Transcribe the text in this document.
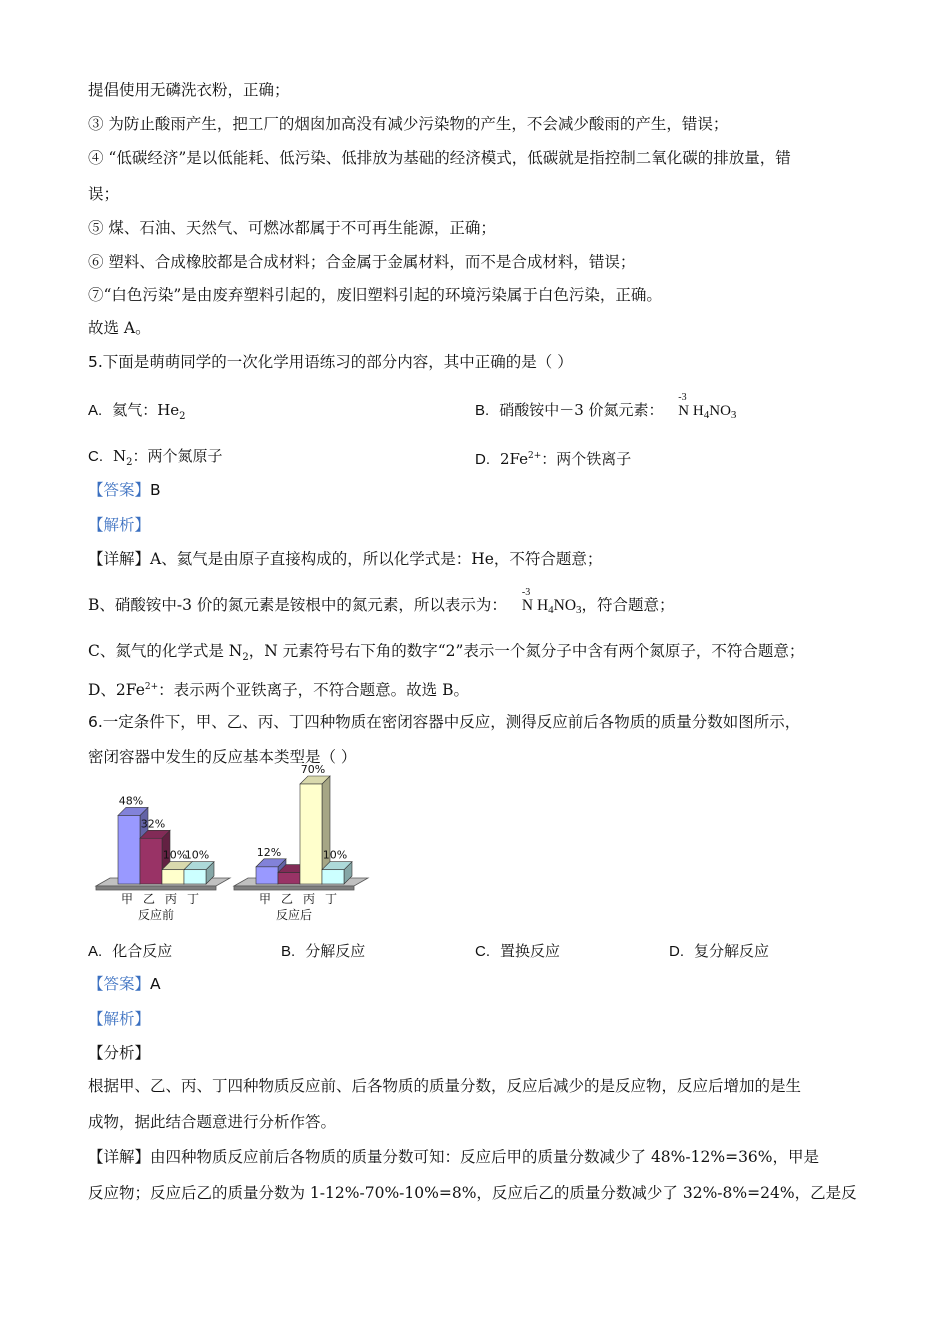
提倡使用无磷洗衣粉，正确；
③ 为防止酸雨产生，把工厂的烟囱加高没有减少污染物的产生，不会减少酸雨的产生，错误；
④ “低碳经济”是以低能耗、低污染、低排放为基础的经济模式，低碳就是指控制二氧化碳的排放量，错
误；
⑤ 煤、石油、天然气、可燃冰都属于不可再生能源，正确；
⑥ 塑料、合成橡胶都是合成材料；合金属于金属材料，而不是合成材料，错误；
⑦“白色污染”是由废弃塑料引起的，废旧塑料引起的环境污染属于白色污染，正确。
故选 A。
5.下面是萌萌同学的一次化学用语练习的部分内容，其中正确的是（ ）
A. 氦气：$He_2$	B. 硝酸铵中－3 价氮元素：
-3
N $H_4NO_3$
C. $N_2$：两个氮原子	D. $2Fe^{2+}$：两个铁离子
【答案】B
【解析】
【详解】A、氦气是由原子直接构成的，所以化学式是：He，不符合题意；
B、硝酸铵中-3 价的氮元素是铵根中的氮元素，所以表示为：
-3
N H4NO3，符合题意；
C、氮气的化学式是 $N_2$，N 元素符号右下角的数字“2”表示一个氮分子中含有两个氮原子，不符合题意；
D、$2Fe^{2+}$：表示两个亚铁离子，不符合题意。故选 B。
6.一定条件下，甲、乙、丙、丁四种物质在密闭容器中反应，测得反应前后各物质的质量分数如图所示，
密闭容器中发生的反应基本类型是（ ）
48%
甲
32%
乙
10%
丙
10%
丁
反应前
12%
甲 乙
70%
丙
10%
丁
反应后
A. 化合反应	B. 分解反应	C. 置换反应	D. 复分解反应
【答案】A
【解析】
【分析】
根据甲、乙、丙、丁四种物质反应前、后各物质的质量分数，反应后减少的是反应物，反应后增加的是生
成物，据此结合题意进行分析作答。
【详解】由四种物质反应前后各物质的质量分数可知：反应后甲的质量分数减少了 48%-12%=36%，甲是
反应物；反应后乙的质量分数为 1-12%-70%-10%=8%，反应后乙的质量分数减少了 32%-8%=24%，乙是反
